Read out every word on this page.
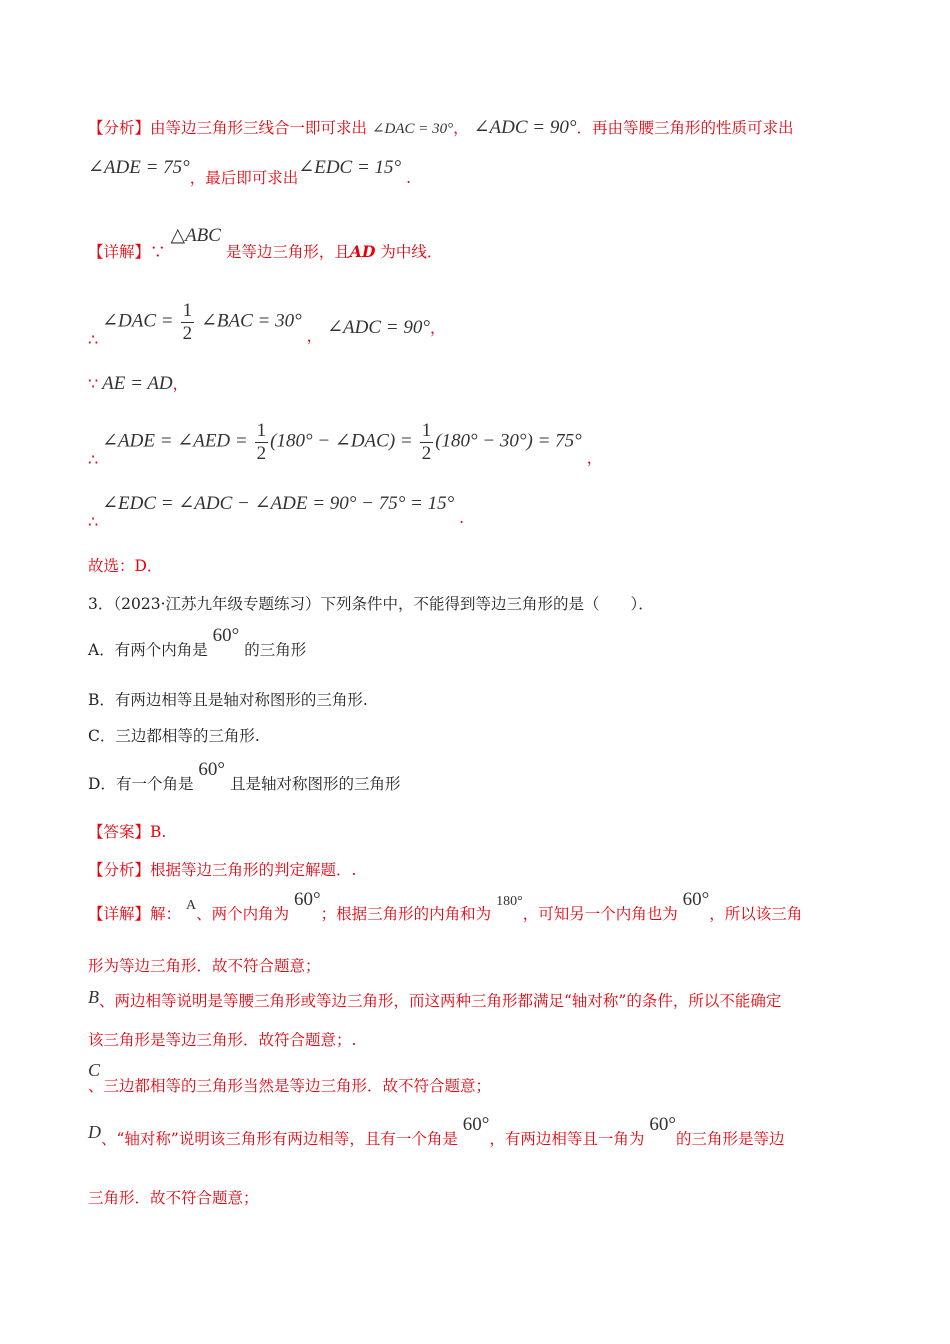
【分析】由等边三角形三线合一即可求出 ∠DAC = 30°， ∠ADC = 90°．再由等腰三角形的性质可求出
∠ADE = 75°，最后即可求出∠EDC = 15° .
【详解】∵ △ABC 是等边三角形，且AD 为中线．
∴ ∠DAC = $\frac{1}{2}$ ∠BAC = 30° ， ∠ADC = 90°，
∵ AE = AD，
∴ ∠ADE = ∠AED = $\frac{1}{2} (180^\circ$ − ∠DAC) = $\frac{1}{2} (180^\circ - 30^\circ) = 75^\circ$ ，
∴ ∠EDC = ∠ADC − ∠ADE = 90° − 75° = 15° .
故选：D．
3．（2023·江苏九年级专题练习）下列条件中，不能得到等边三角形的是（　　）．
A．有两个内角是 60° 的三角形
B．有两边相等且是轴对称图形的三角形.
C．三边都相等的三角形.
D．有一个角是 60° 且是轴对称图形的三角形
【答案】B.
【分析】根据等边三角形的判定解题．.
【详解】解： A、两个内角为 60°；根据三角形的内角和为 180°，可知另一个内角也为 60°，所以该三角
形为等边三角形．故不符合题意；
B、两边相等说明是等腰三角形或等边三角形，而这两种三角形都满足“轴对称”的条件，所以不能确定
该三角形是等边三角形．故符合题意；.
C
、三边都相等的三角形当然是等边三角形．故不符合题意；
D、“轴对称”说明该三角形有两边相等，且有一个角是 60°，有两边相等且一角为 60°的三角形是等边
三角形．故不符合题意；
